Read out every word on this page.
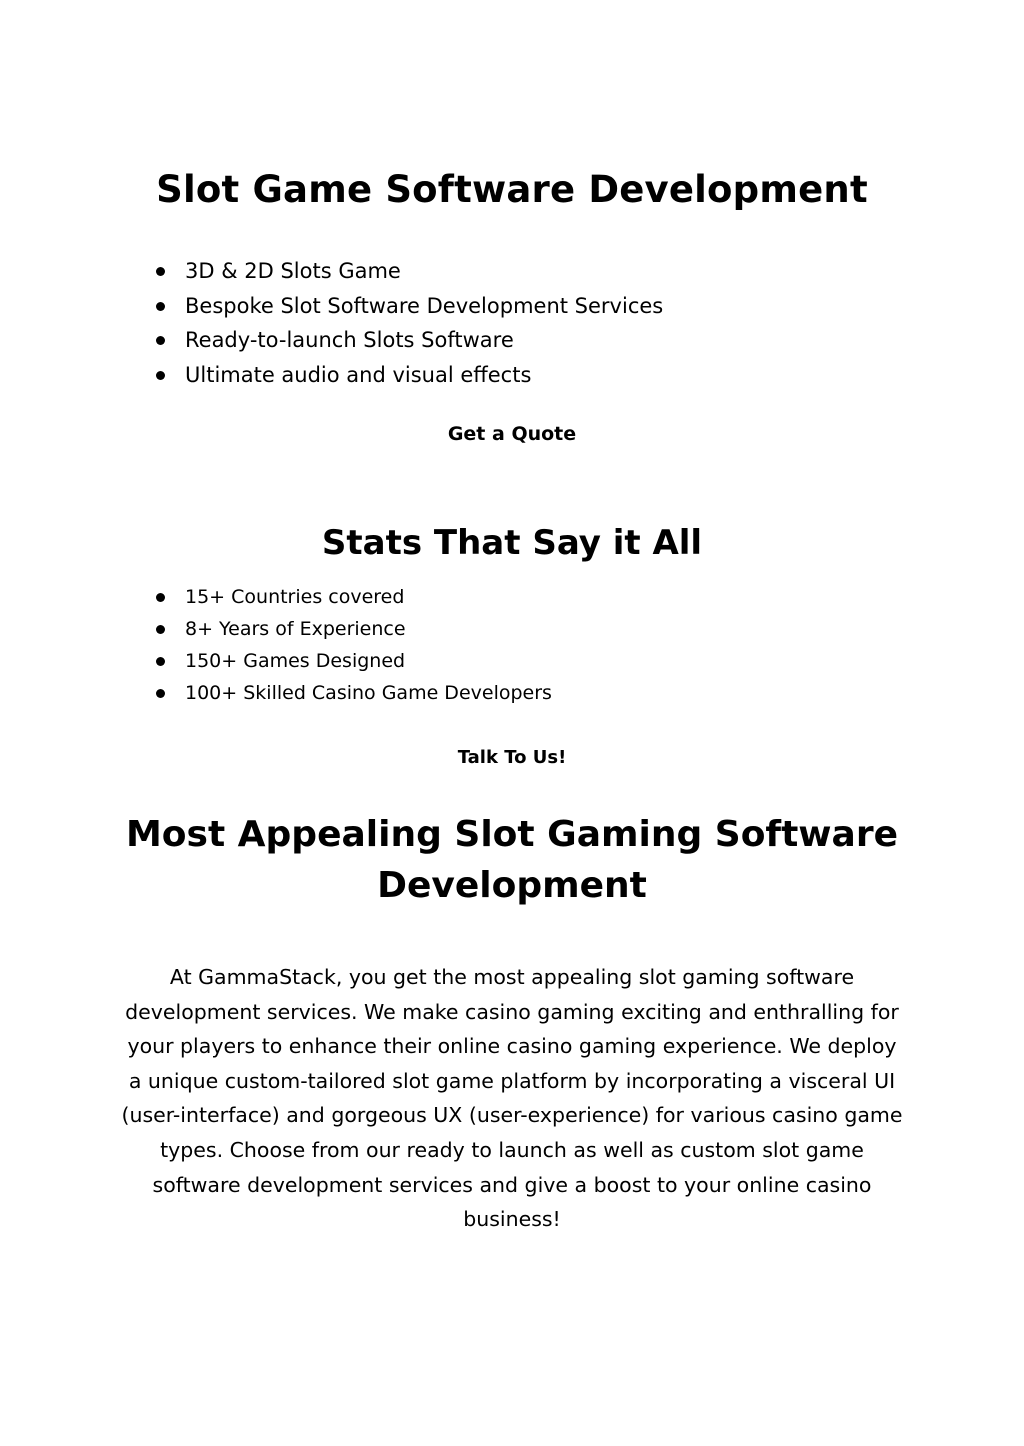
Slot Game Software Development
3D & 2D Slots Game
Bespoke Slot Software Development Services
Ready-to-launch Slots Software
Ultimate audio and visual effects

Get a Quote

Stats That Say it All
15+ Countries covered
8+ Years of Experience
150+ Games Designed
100+ Skilled Casino Game Developers

Talk To Us!

Most Appealing Slot Gaming Software
Development

At GammaStack, you get the most appealing slot gaming software development services. We make casino gaming exciting and enthralling for your players to enhance their online casino gaming experience. We deploy a unique custom-tailored slot game platform by incorporating a visceral UI (user-interface) and gorgeous UX (user-experience) for various casino game types. Choose from our ready to launch as well as custom slot game software development services and give a boost to your online casino business!
